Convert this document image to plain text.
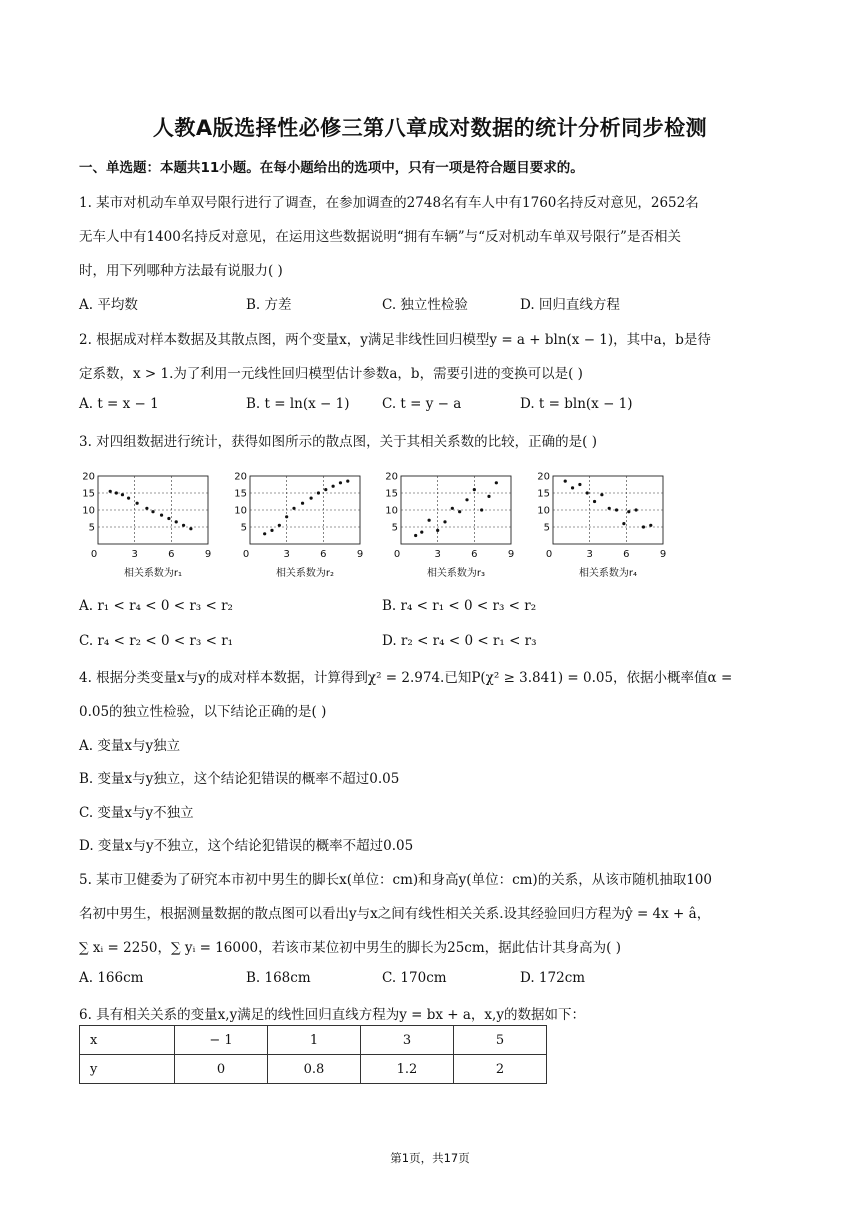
人教A版选择性必修三第八章成对数据的统计分析同步检测
一、单选题：本题共11小题。在每小题给出的选项中，只有一项是符合题目要求的。
1. 某市对机动车单双号限行进行了调查，在参加调查的2748名有车人中有1760名持反对意见，2652名
无车人中有1400名持反对意见，在运用这些数据说明“拥有车辆”与“反对机动车单双号限行”是否相关
时，用下列哪种方法最有说服力( )
A. 平均数	B. 方差	C. 独立性检验	D. 回归直线方程
2. 根据成对样本数据及其散点图，两个变量x，y满足非线性回归模型y = a + bln(x − 1)，其中a，b是待
定系数，x > 1.为了利用一元线性回归模型估计参数a，b，需要引进的变换可以是( )
A. t = x − 1	B. t = ln(x − 1) C. t = y − a	D. t = bln(x − 1)
3. 对四组数据进行统计，获得如图所示的散点图，关于其相关系数的比较，正确的是( )
20
15
10
5
0	3	6	9
相关系数为r₁
20
15
10
5
0	3	6	9
相关系数为r₂
20
15
10
5
0	3	6	9
相关系数为r₃
20
15
10
5
0	3	6	9
相关系数为r₄
A. r₁ < r₄ < 0 < r₃ < r₂	B. r₄ < r₁ < 0 < r₃ < r₂
C. r₄ < r₂ < 0 < r₃ < r₁	D. r₂ < r₄ < 0 < r₁ < r₃
4. 根据分类变量x与y的成对样本数据，计算得到χ² = 2.974.已知P(χ² ≥ 3.841) = 0.05，依据小概率值α =
0.05的独立性检验，以下结论正确的是( )
A. 变量x与y独立
B. 变量x与y独立，这个结论犯错误的概率不超过0.05
C. 变量x与y不独立
D. 变量x与y不独立，这个结论犯错误的概率不超过0.05
5. 某市卫健委为了研究本市初中男生的脚长x(单位：cm)和身高y(单位：cm)的关系，从该市随机抽取100
名初中男生，根据测量数据的散点图可以看出y与x之间有线性相关关系.设其经验回归方程为ŷ = 4x + â，
∑ xᵢ = 2250，∑ yᵢ = 16000，若该市某位初中男生的脚长为25cm，据此估计其身高为( )
A. 166cm	B. 168cm	C. 170cm	D. 172cm
6. 具有相关关系的变量x,y满足的线性回归直线方程为y = bx + a，x,y的数据如下：
x	− 1	1	3	5
y	0	0.8	1.2	2
第1页，共17页
